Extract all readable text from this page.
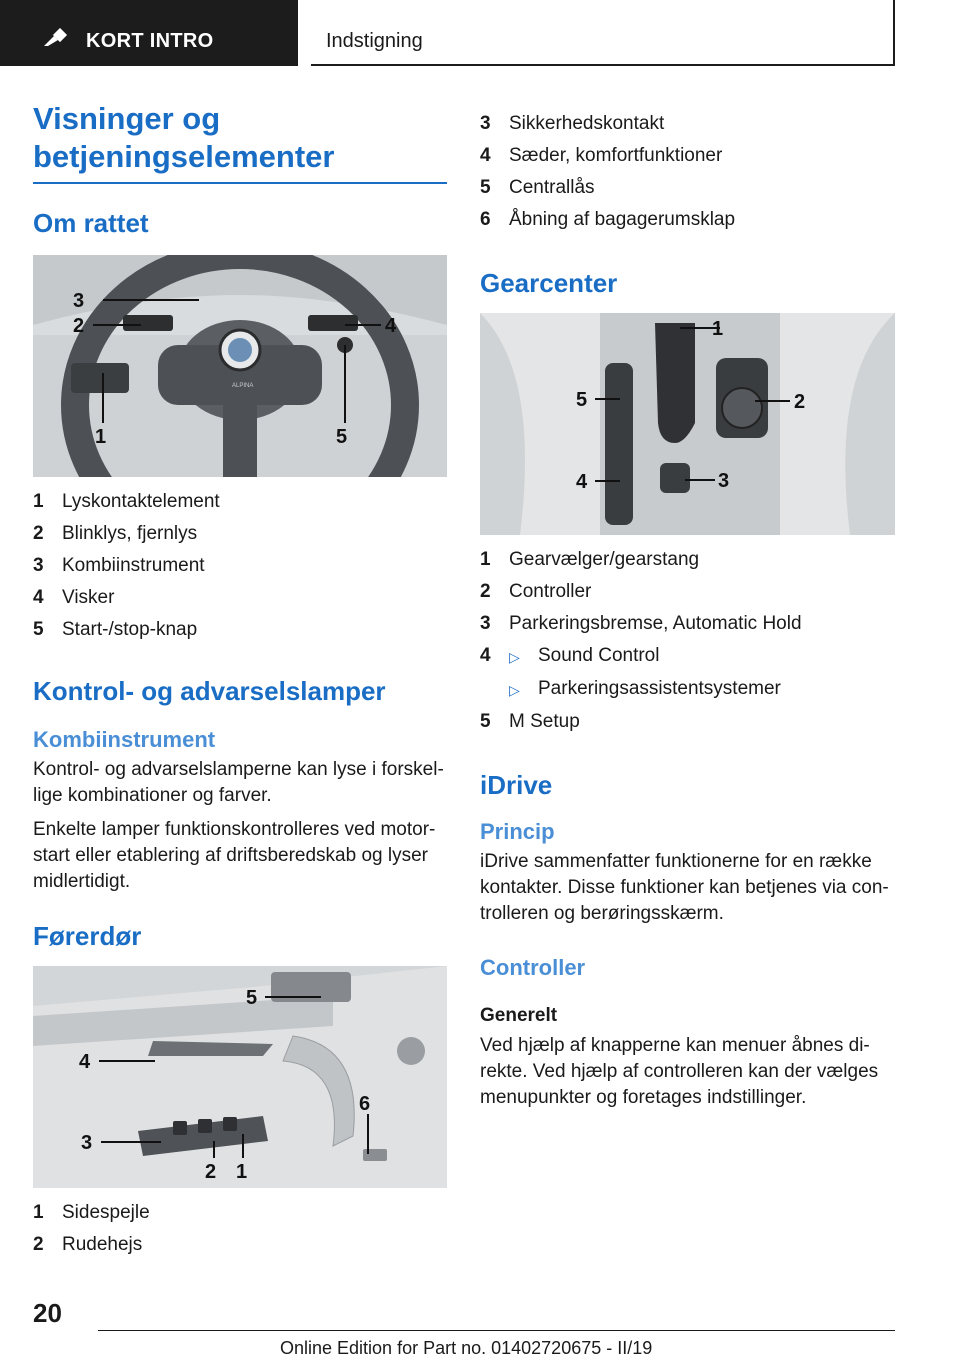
KORT INTRO	Indstigning
Visninger og
betjeningselementer
Om rattet
ALPINA
3
2	4
5
1
1 Lyskontaktelement
2 Blinklys, fjernlys
3 Kombiinstrument
4 Visker
5 Start-/stop-knap
Kontrol- og advarselslamper
Kombiinstrument

Kontrol- og advarselslamperne kan lyse i forskel-lige kombinationer og farver.

Enkelte lamper funktionskontrolleres ved motor-start eller etablering af driftsberedskab og lyser midlertidigt.

Førerdør
5
4
3
2 1
6
1 Sidespejle
2 Rudehejs
3 Sikkerhedskontakt
4 Sæder, komfortfunktioner
5 Centrallås
6 Åbning af bagagerumsklap
Gearcenter
1
2
3
4
5
1 Gearvælger/gearstang
2 Controller
3 Parkeringsbremse, Automatic Hold
4	▷ Sound Control
▷ Parkeringsassistentsystemer
5 M Setup
iDrive
Princip

iDrive sammenfatter funktionerne for en række kontakter. Disse funktioner kan betjenes via con-trolleren og berøringsskærm.

Controller
Generelt

Ved hjælp af knapperne kan menuer åbnes di-rekte. Ved hjælp af controlleren kan der vælges menupunkter og foretages indstillinger.

20
Online Edition for Part no. 01402720675 - II/19
